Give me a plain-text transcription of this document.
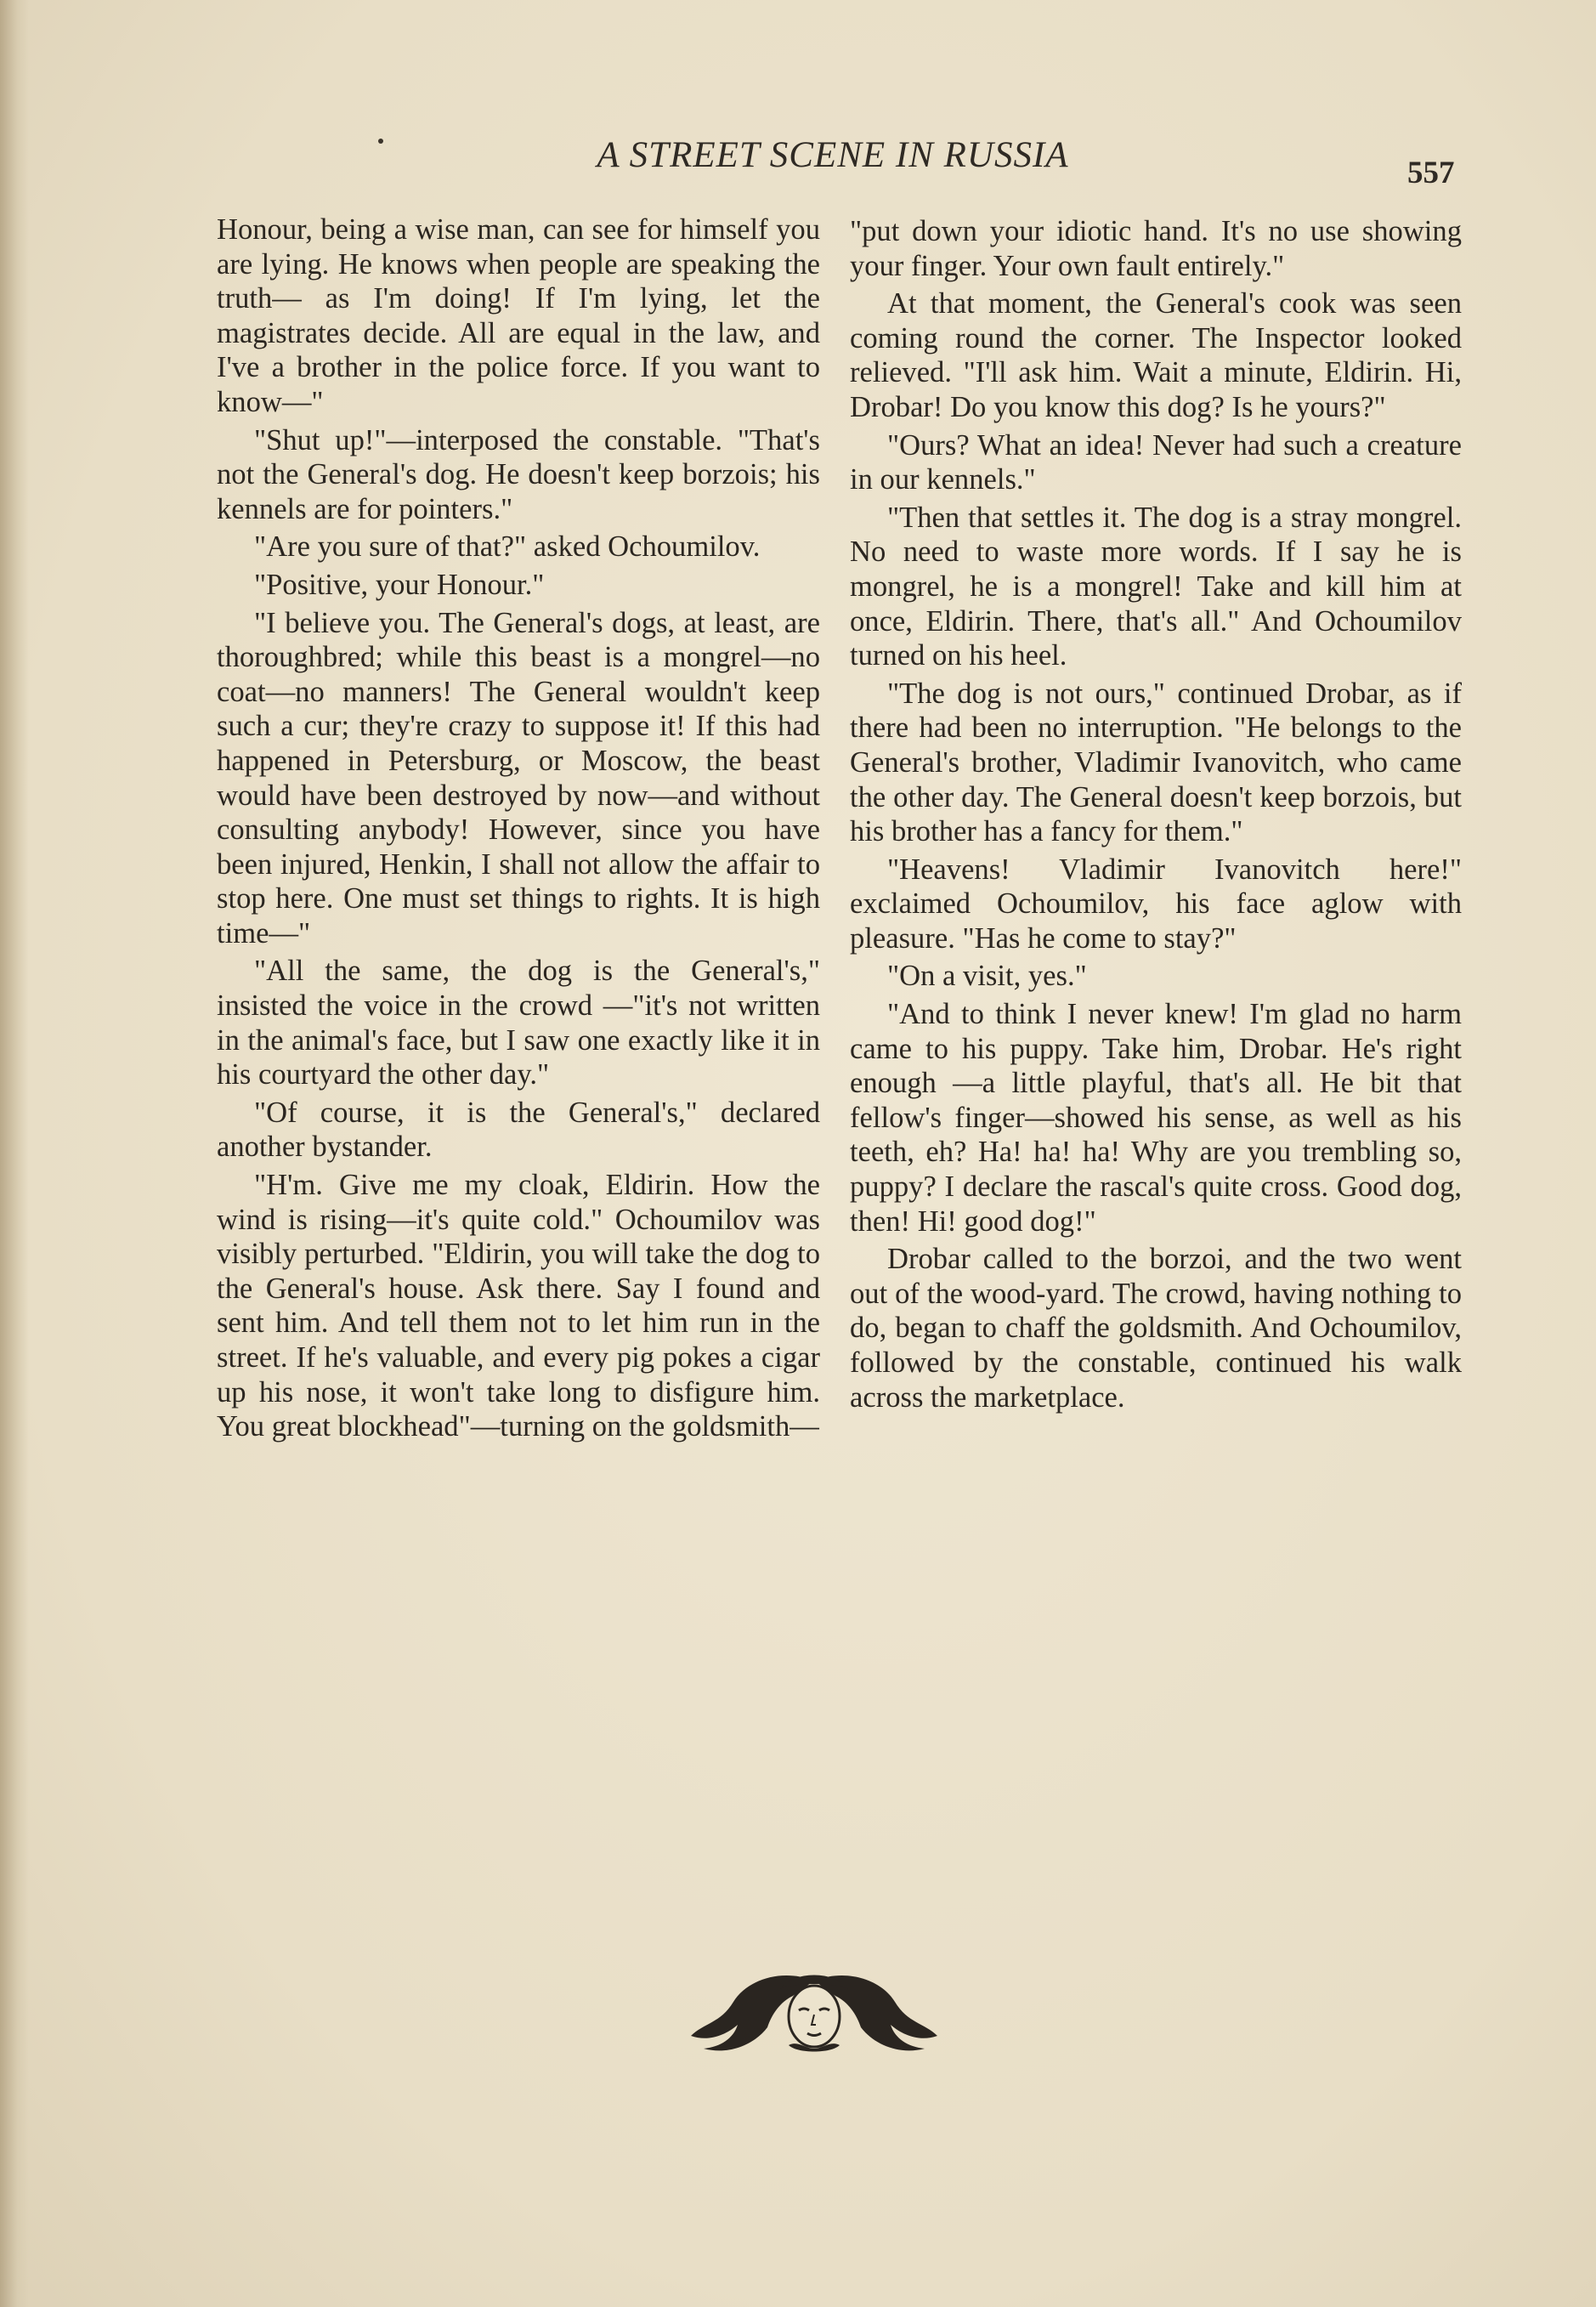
A STREET SCENE IN RUSSIA	557

Honour, being a wise man, can see for himself you are lying. He knows when people are speaking the truth— as I'm doing! If I'm lying, let the magistrates decide. All are equal in the law, and I've a brother in the police force. If you want to know—"

"Shut up!"—interposed the constable. "That's not the General's dog. He doesn't keep borzois; his kennels are for pointers."

"Are you sure of that?" asked Ochoumilov.

"Positive, your Honour."

"I believe you. The General's dogs, at least, are thoroughbred; while this beast is a mongrel—no coat—no manners! The General wouldn't keep such a cur; they're crazy to suppose it! If this had happened in Petersburg, or Moscow, the beast would have been destroyed by now—and without consulting anybody! However, since you have been injured, Henkin, I shall not allow the affair to stop here. One must set things to rights. It is high time—"

"All the same, the dog is the General's," insisted the voice in the crowd —"it's not written in the animal's face, but I saw one exactly like it in his courtyard the other day."

"Of course, it is the General's," declared another bystander.

"H'm. Give me my cloak, Eldirin. How the wind is rising—it's quite cold." Ochoumilov was visibly perturbed. "Eldirin, you will take the dog to the General's house. Ask there. Say I found and sent him. And tell them not to let him run in the street. If he's valuable, and every pig pokes a cigar up his nose, it won't take long to disfigure him. You great blockhead"—turning on the goldsmith—

"put down your idiotic hand. It's no use showing your finger. Your own fault entirely."

At that moment, the General's cook was seen coming round the corner. The Inspector looked relieved. "I'll ask him. Wait a minute, Eldirin. Hi, Drobar! Do you know this dog? Is he yours?"

"Ours? What an idea! Never had such a creature in our kennels."

"Then that settles it. The dog is a stray mongrel. No need to waste more words. If I say he is mongrel, he is a mongrel! Take and kill him at once, Eldirin. There, that's all." And Ochoumilov turned on his heel.

"The dog is not ours," continued Drobar, as if there had been no interruption. "He belongs to the General's brother, Vladimir Ivanovitch, who came the other day. The General doesn't keep borzois, but his brother has a fancy for them."

"Heavens! Vladimir Ivanovitch here!" exclaimed Ochoumilov, his face aglow with pleasure. "Has he come to stay?"

"On a visit, yes."

"And to think I never knew! I'm glad no harm came to his puppy. Take him, Drobar. He's right enough —a little playful, that's all. He bit that fellow's finger—showed his sense, as well as his teeth, eh? Ha! ha! ha! Why are you trembling so, puppy? I declare the rascal's quite cross. Good dog, then! Hi! good dog!"

Drobar called to the borzoi, and the two went out of the wood-yard. The crowd, having nothing to do, began to chaff the goldsmith. And Ochoumilov, followed by the constable, continued his walk across the marketplace.
